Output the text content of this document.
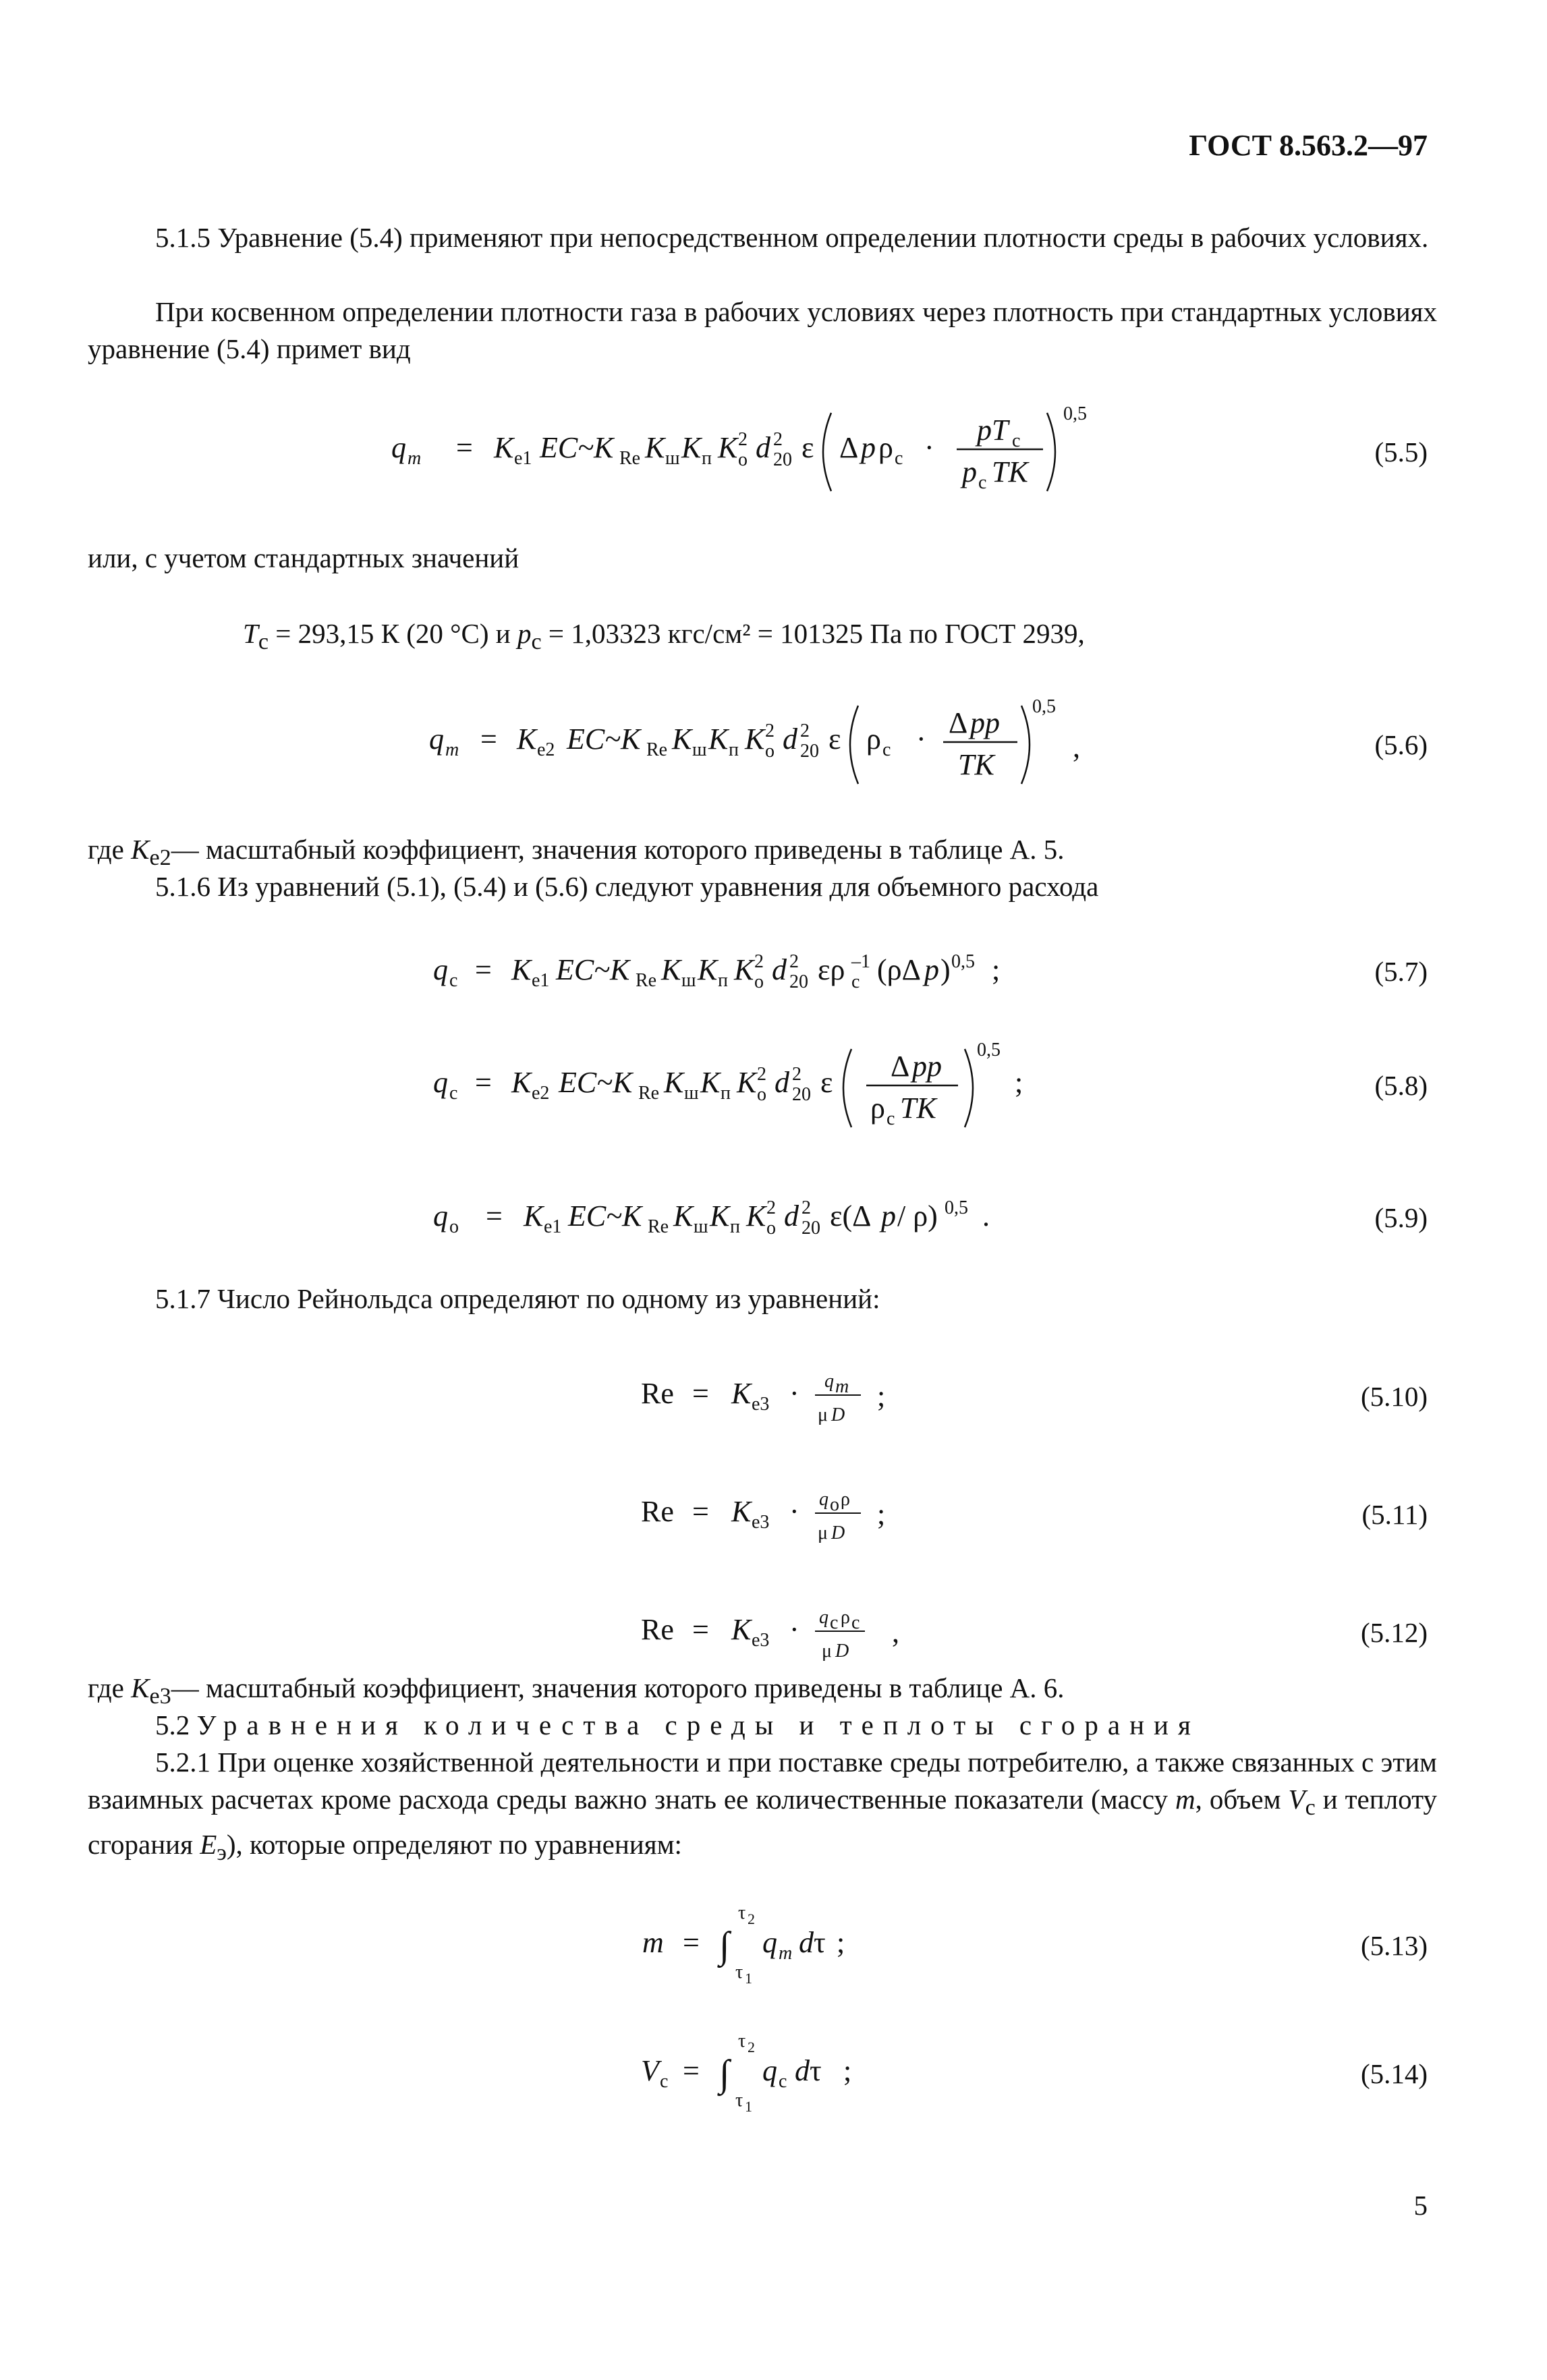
ГОСТ 8.563.2—97
5.1.5 Уравнение (5.4) применяют при непосредственном определении плотности среды в рабочих условиях.
При косвенном определении плотности газа в рабочих условиях через плотность при стандартных условиях уравнение (5.4) примет вид
q m = K е1 EC~K Re K ш K п K 2
о d 2
20 ε Δ p ρ с ·
pT с
p с TK
0,5
(5.5)
или, с учетом стандартных значений
$T_с = 293,15$ К (20 °С) и $p_с = 1,03323$ кгс/см² = 101325 Па по ГОСТ 2939,
q m = K е2 EC~K Re K ш K п K 2
о d 2
20 ε ρ с · Δ pp
TK
0,5
,	(5.6)
где $K_{е2}—$ масштабный коэффициент, значения которого приведены в таблице А. 5.
5.1.6 Из уравнений (5.1), (5.4) и (5.6) следуют уравнения для объемного расхода
q с = K е1 EC~K Re K ш K п K 2
о d 2
20 ερ –1
с (ρΔ p ) 0,5 ;	(5.7)
q с = K е2 EC~K Re K ш K п K 2
о d 2
20 ε Δ pp
ρ с TK
0,5
;	(5.8)
q о = K е1 EC~K Re K ш K п K 2
о d 2
20 ε(Δ p / ρ) 0,5 .	(5.9)
5.1.7 Число Рейнольдса определяют по одному из уравнений:
Re = K е3 · q m
μ D
;	(5.10)
Re = K е3 · q о ρ
μ D
;	(5.11)
Re = K е3 · q с ρ с
μ D
,	(5.12)
где $K_{е3}—$ масштабный коэффициент, значения которого приведены в таблице А. 6.
5.2 Уравнения количества среды и теплоты сгорания
5.2.1 При оценке хозяйственной деятельности и при поставке среды потребителю, а также связанных с этим взаимных расчетах кроме расхода среды важно знать ее количественные показатели (массу m, объем $V_с$ и теплоту сгорания $E_э$), которые определяют по уравнениям:
m = ∫
τ 2
τ 1
q m d τ ;	(5.13)
V с = ∫
τ 2
τ 1
q с d τ ;	(5.14)
5
